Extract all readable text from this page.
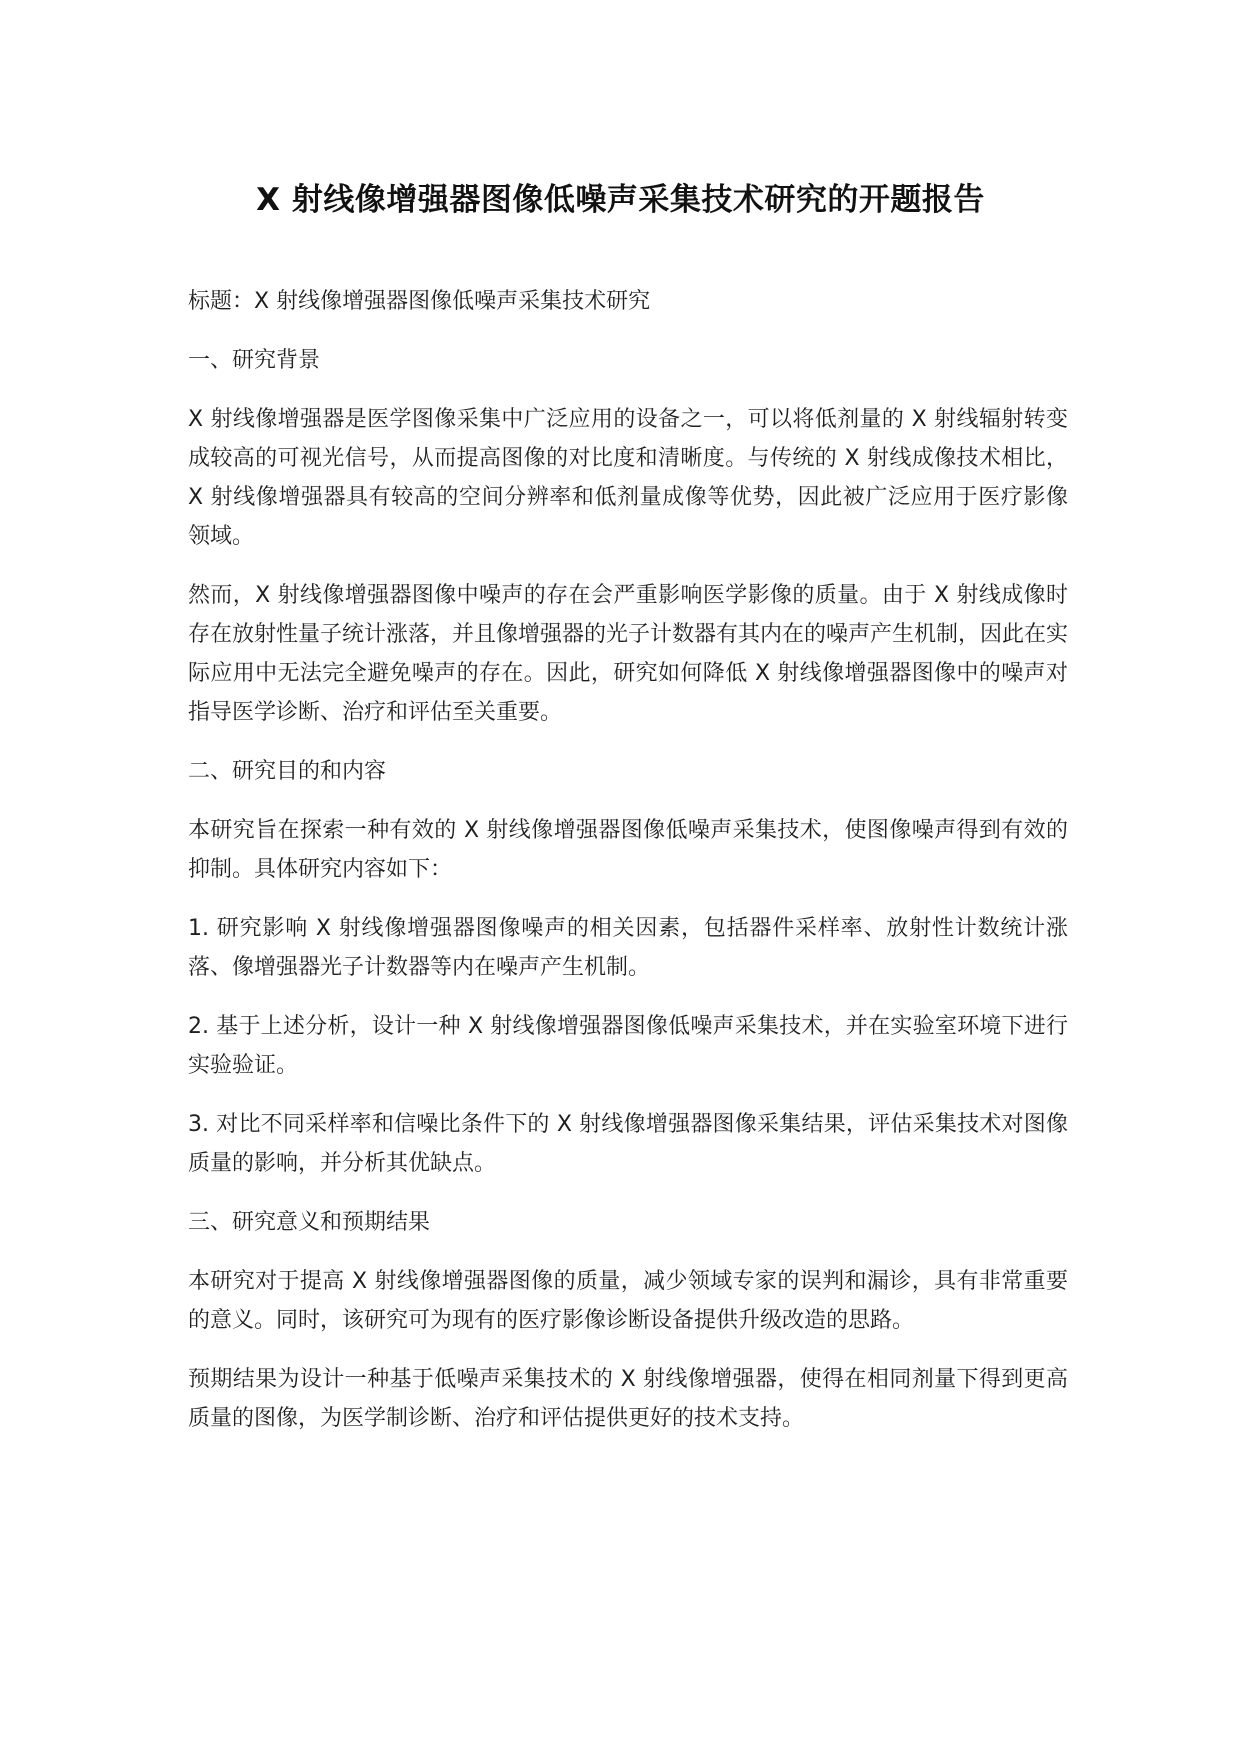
X 射线像增强器图像低噪声采集技术研究的开题报告

标题：X 射线像增强器图像低噪声采集技术研究

一、研究背景

X 射线像增强器是医学图像采集中广泛应用的设备之一，可以将低剂量的 X 射线辐射转变成较高的可视光信号，从而提高图像的对比度和清晰度。与传统的 X 射线成像技术相比，X 射线像增强器具有较高的空间分辨率和低剂量成像等优势，因此被广泛应用于医疗影像领域。

然而，X 射线像增强器图像中噪声的存在会严重影响医学影像的质量。由于 X 射线成像时存在放射性量子统计涨落，并且像增强器的光子计数器有其内在的噪声产生机制，因此在实际应用中无法完全避免噪声的存在。因此，研究如何降低 X 射线像增强器图像中的噪声对指导医学诊断、治疗和评估至关重要。

二、研究目的和内容

本研究旨在探索一种有效的 X 射线像增强器图像低噪声采集技术，使图像噪声得到有效的抑制。具体研究内容如下：

1. 研究影响 X 射线像增强器图像噪声的相关因素，包括器件采样率、放射性计数统计涨落、像增强器光子计数器等内在噪声产生机制。

2. 基于上述分析，设计一种 X 射线像增强器图像低噪声采集技术，并在实验室环境下进行实验验证。

3. 对比不同采样率和信噪比条件下的 X 射线像增强器图像采集结果，评估采集技术对图像质量的影响，并分析其优缺点。

三、研究意义和预期结果

本研究对于提高 X 射线像增强器图像的质量，减少领域专家的误判和漏诊，具有非常重要的意义。同时，该研究可为现有的医疗影像诊断设备提供升级改造的思路。

预期结果为设计一种基于低噪声采集技术的 X 射线像增强器，使得在相同剂量下得到更高质量的图像，为医学制诊断、治疗和评估提供更好的技术支持。
